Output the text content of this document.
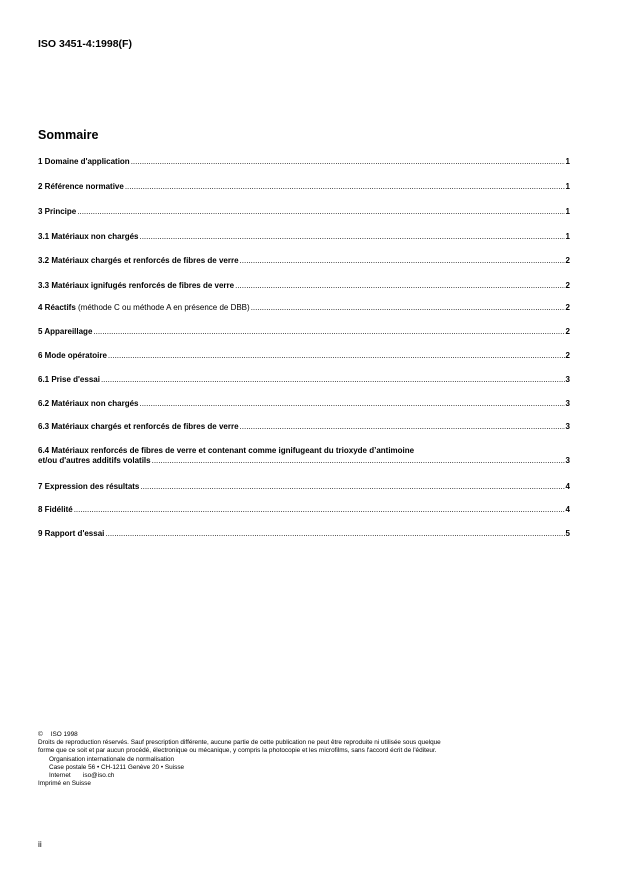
ISO 3451-4:1998(F)
Sommaire
1 Domaine d'application .....	1
2 Référence normative .....	1
3 Principe .....	1
3.1 Matériaux non chargés .....	1
3.2 Matériaux chargés et renforcés de fibres de verre .....	2
3.3 Matériaux ignifugés renforcés de fibres de verre .....	2
4 Réactifs (méthode C ou méthode A en présence de DBB) .....	2
5 Appareillage .....	2
6 Mode opératoire .....	2
6.1 Prise d'essai .....	3
6.2 Matériaux non chargés .....	3
6.3 Matériaux chargés et renforcés de fibres de verre .....	3
6.4 Matériaux renforcés de fibres de verre et contenant comme ignifugeant du trioxyde d’antimoine
et/ou d'autres additifs volatils .....	3
7 Expression des résultats .....	4
8 Fidélité .....	4
9 Rapport d'essai .....	5
© ISO 1998

Droits de reproduction réservés. Sauf prescription différente, aucune partie de cette publication ne peut être reproduite ni utilisée sous quelque

forme que ce soit et par aucun procédé, électronique ou mécanique, y compris la photocopie et les microfilms, sans l'accord écrit de l'éditeur.

Organisation internationale de normalisation

Case postale 56 • CH-1211 Genève 20 • Suisse

Internet	iso@iso.ch

Imprimé en Suisse

ii
